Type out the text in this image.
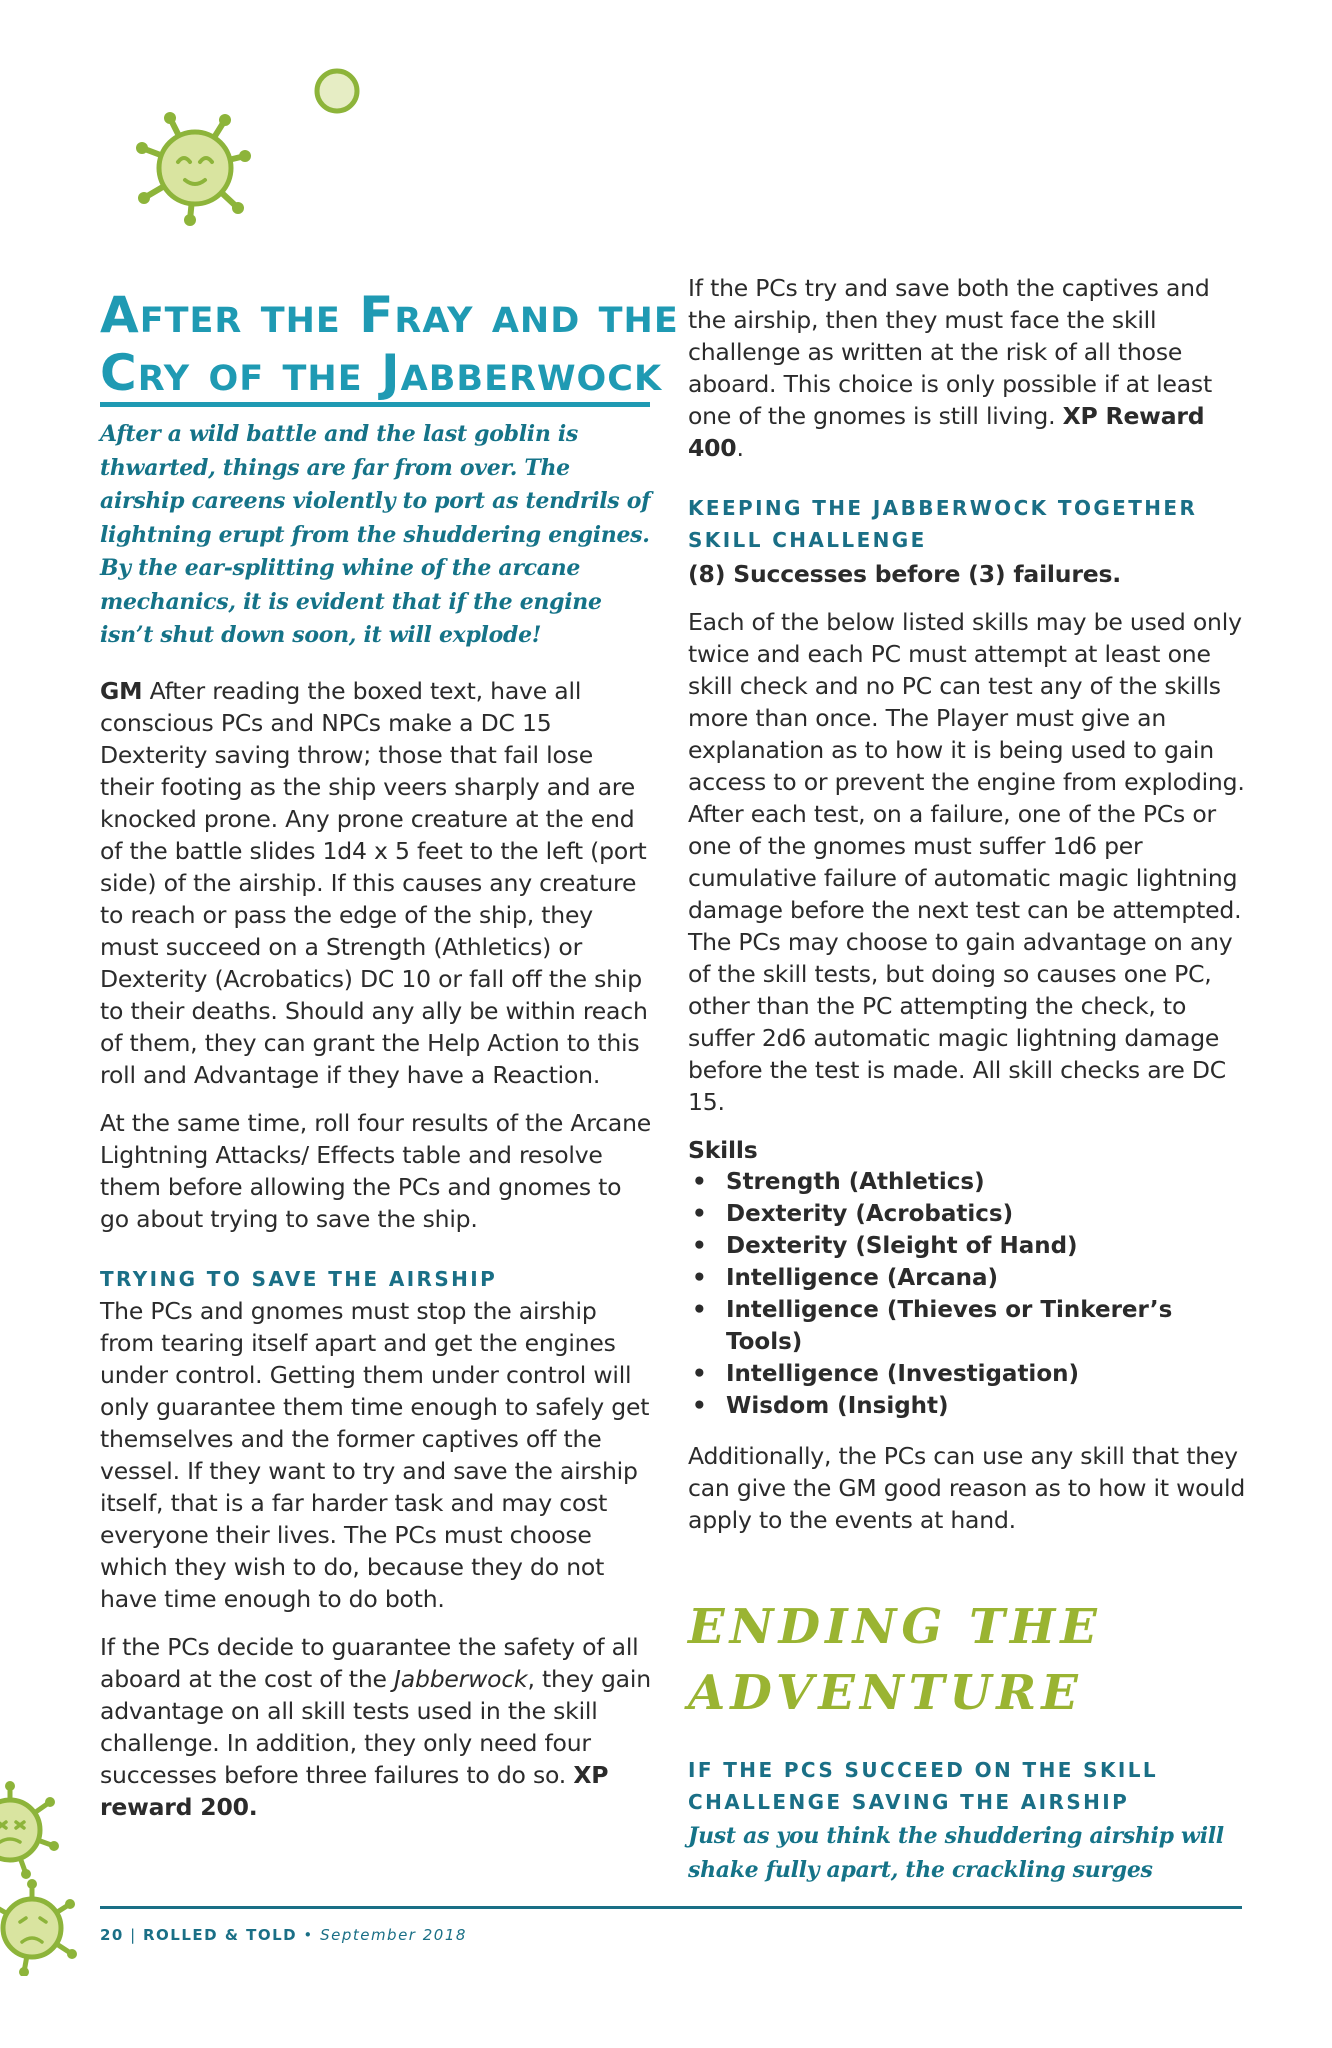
After the Fray and the
Cry of the Jabberwock

After a wild battle and the last goblin is thwarted, things are far from over. The airship careens violently to port as tendrils of lightning erupt from the shuddering engines. By the ear-splitting whine of the arcane mechanics, it is evident that if the engine isn’t shut down soon, it will explode!

GM After reading the boxed text, have all conscious PCs and NPCs make a DC 15 Dexterity saving throw; those that fail lose their footing as the ship veers sharply and are knocked prone. Any prone creature at the end of the battle slides 1d4 x 5 feet to the left (port side) of the airship. If this causes any creature to reach or pass the edge of the ship, they must succeed on a Strength (Athletics) or Dexterity (Acrobatics) DC 10 or fall off the ship to their deaths. Should any ally be within reach of them, they can grant the Help Action to this roll and Advantage if they have a Reaction.

At the same time, roll four results of the Arcane Lightning Attacks/ Effects table and resolve them before allowing the PCs and gnomes to go about trying to save the ship.

TRYING TO SAVE THE AIRSHIP

The PCs and gnomes must stop the airship from tearing itself apart and get the engines under control. Getting them under control will only guarantee them time enough to safely get themselves and the former captives off the vessel. If they want to try and save the airship itself, that is a far harder task and may cost everyone their lives. The PCs must choose which they wish to do, because they do not have time enough to do both.

If the PCs decide to guarantee the safety of all aboard at the cost of the Jabberwock, they gain advantage on all skill tests used in the skill challenge. In addition, they only need four successes before three failures to do so. XP reward 200.

If the PCs try and save both the captives and the airship, then they must face the skill challenge as written at the risk of all those aboard. This choice is only possible if at least one of the gnomes is still living. XP Reward 400.

KEEPING THE JABBERWOCK TOGETHER SKILL CHALLENGE

(8) Successes before (3) failures.

Each of the below listed skills may be used only twice and each PC must attempt at least one skill check and no PC can test any of the skills more than once. The Player must give an explanation as to how it is being used to gain access to or prevent the engine from exploding. After each test, on a failure, one of the PCs or one of the gnomes must suffer 1d6 per cumulative failure of automatic magic lightning damage before the next test can be attempted. The PCs may choose to gain advantage on any of the skill tests, but doing so causes one PC, other than the PC attempting the check, to suffer 2d6 automatic magic lightning damage before the test is made. All skill checks are DC 15.

Skills

• Strength (Athletics)
• Dexterity (Acrobatics)
• Dexterity (Sleight of Hand)
• Intelligence (Arcana)
• Intelligence (Thieves or Tinkerer’s Tools)
• Intelligence (Investigation)
• Wisdom (Insight)

Additionally, the PCs can use any skill that they can give the GM good reason as to how it would apply to the events at hand.

ENDING THE
ADVENTURE
IF THE PCS SUCCEED ON THE SKILL CHALLENGE SAVING THE AIRSHIP

Just as you think the shuddering airship will shake fully apart, the crackling surges

20 | ROLLED & TOLD • September 2018
